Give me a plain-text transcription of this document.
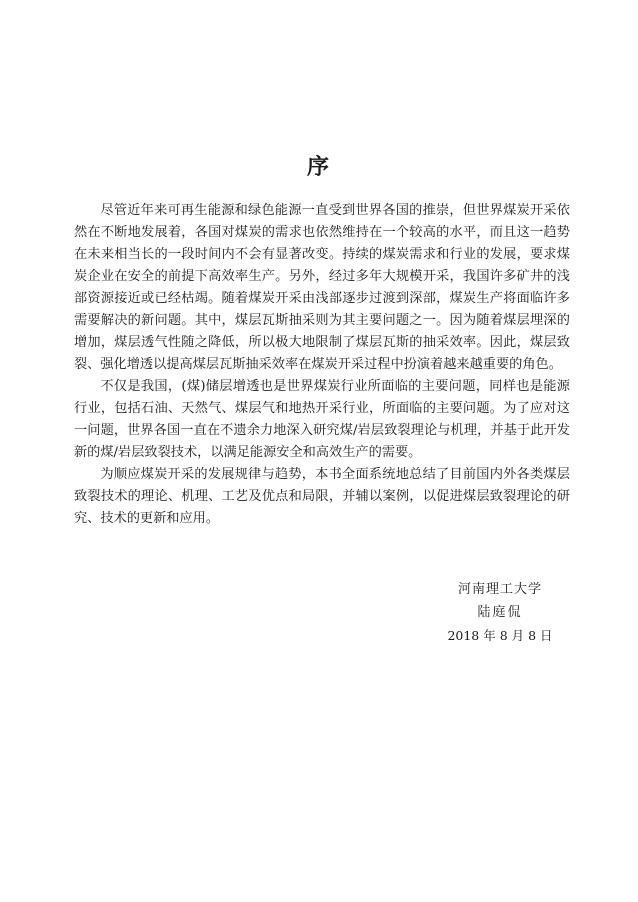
序

尽管近年来可再生能源和绿色能源一直受到世界各国的推崇，但世界煤炭开采依然在不断地发展着，各国对煤炭的需求也依然维持在一个较高的水平，而且这一趋势在未来相当长的一段时间内不会有显著改变。持续的煤炭需求和行业的发展，要求煤炭企业在安全的前提下高效率生产。另外，经过多年大规模开采，我国许多矿井的浅部资源接近或已经枯竭。随着煤炭开采由浅部逐步过渡到深部，煤炭生产将面临许多需要解决的新问题。其中，煤层瓦斯抽采则为其主要问题之一。因为随着煤层埋深的增加，煤层透气性随之降低，所以极大地限制了煤层瓦斯的抽采效率。因此，煤层致裂、强化增透以提高煤层瓦斯抽采效率在煤炭开采过程中扮演着越来越重要的角色。

不仅是我国，(煤)储层增透也是世界煤炭行业所面临的主要问题，同样也是能源行业，包括石油、天然气、煤层气和地热开采行业，所面临的主要问题。为了应对这一问题，世界各国一直在不遗余力地深入研究煤/岩层致裂理论与机理，并基于此开发新的煤/岩层致裂技术，以满足能源安全和高效生产的需要。

为顺应煤炭开采的发展规律与趋势，本书全面系统地总结了目前国内外各类煤层致裂技术的理论、机理、工艺及优点和局限，并辅以案例，以促进煤层致裂理论的研究、技术的更新和应用。

河南理工大学
陆庭侃
2018 年 8 月 8 日
